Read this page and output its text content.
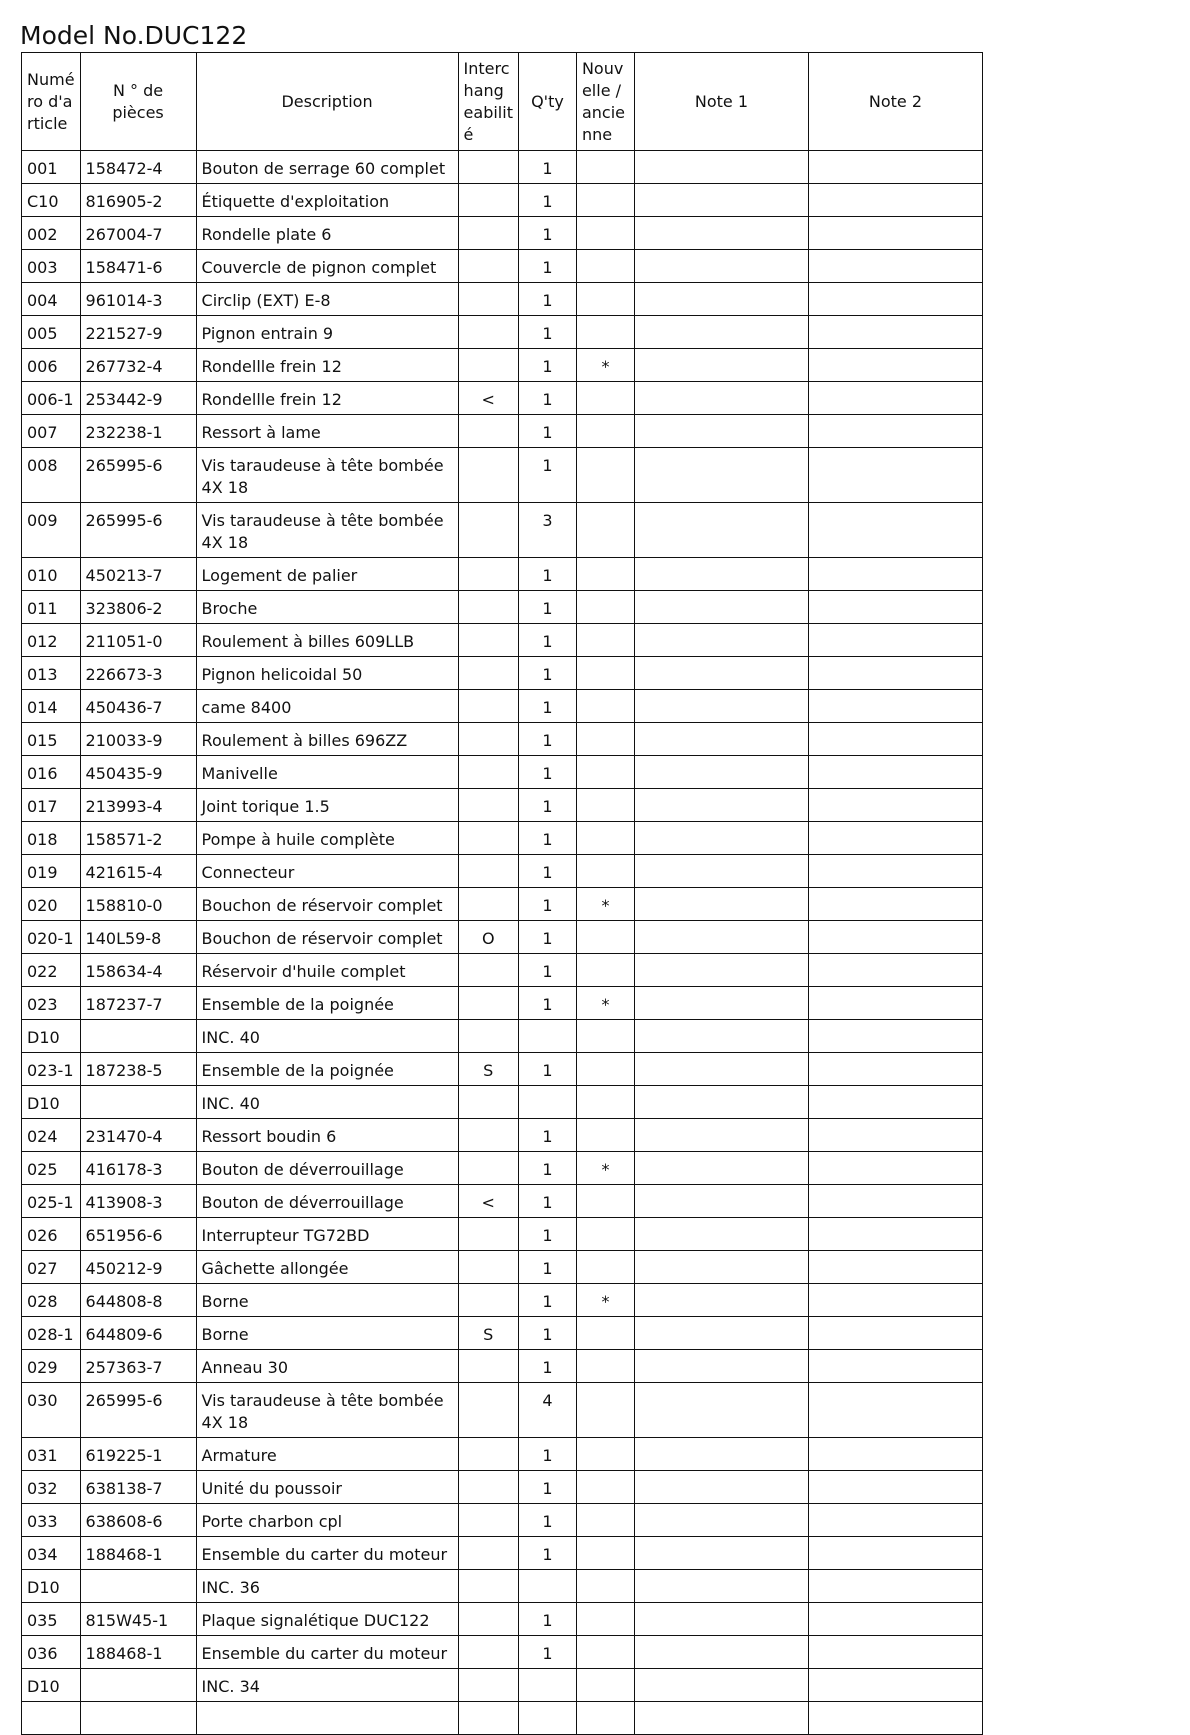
Model No.DUC122
Numé ro d'a rticle	N ° de pièces	Description	Interc hang eabilit é	Q'ty	Nouv elle / ancie nne	Note 1	Note 2
001	158472-4	Bouton de serrage 60 complet		1			
C10	816905-2	Étiquette d'exploitation		1			
002	267004-7	Rondelle plate 6		1			
003	158471-6	Couvercle de pignon complet		1			
004	961014-3	Circlip (EXT) E-8		1			
005	221527-9	Pignon entrain 9		1			
006	267732-4	Rondellle frein 12		1	*		
006-1	253442-9	Rondellle frein 12	<	1			
007	232238-1	Ressort à lame		1			
008	265995-6	Vis taraudeuse à tête bombée 4X 18		1			
009	265995-6	Vis taraudeuse à tête bombée 4X 18		3			
010	450213-7	Logement de palier		1			
011	323806-2	Broche		1			
012	211051-0	Roulement à billes 609LLB		1			
013	226673-3	Pignon helicoidal 50		1			
014	450436-7	came 8400		1			
015	210033-9	Roulement à billes 696ZZ		1			
016	450435-9	Manivelle		1			
017	213993-4	Joint torique 1.5		1			
018	158571-2	Pompe à huile complète		1			
019	421615-4	Connecteur		1			
020	158810-0	Bouchon de réservoir complet		1	*		
020-1	140L59-8	Bouchon de réservoir complet	O	1			
022	158634-4	Réservoir d'huile complet		1			
023	187237-7	Ensemble de la poignée		1	*		
D10		INC. 40					
023-1	187238-5	Ensemble de la poignée	S	1			
D10		INC. 40					
024	231470-4	Ressort boudin 6		1			
025	416178-3	Bouton de déverrouillage		1	*		
025-1	413908-3	Bouton de déverrouillage	<	1			
026	651956-6	Interrupteur TG72BD		1			
027	450212-9	Gâchette allongée		1			
028	644808-8	Borne		1	*		
028-1	644809-6	Borne	S	1			
029	257363-7	Anneau 30		1			
030	265995-6	Vis taraudeuse à tête bombée 4X 18		4			
031	619225-1	Armature		1			
032	638138-7	Unité du poussoir		1			
033	638608-6	Porte charbon cpl		1			
034	188468-1	Ensemble du carter du moteur		1			
D10		INC. 36					
035	815W45-1	Plaque signalétique DUC122		1			
036	188468-1	Ensemble du carter du moteur		1			
D10		INC. 34					
